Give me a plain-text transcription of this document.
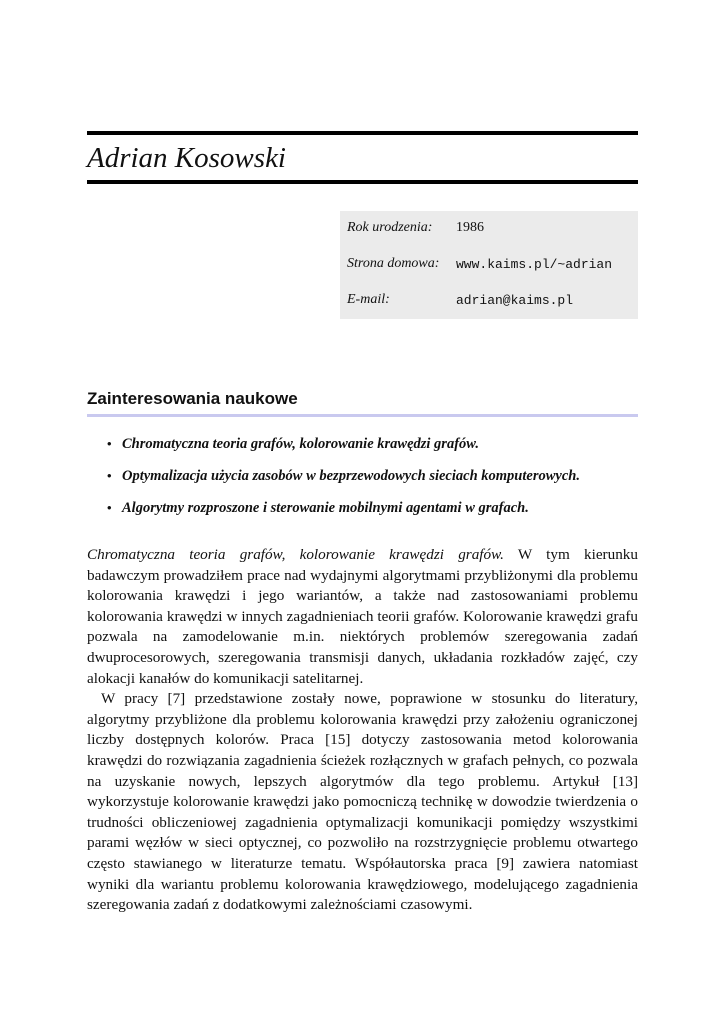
Adrian Kosowski
Rok urodzenia:	1986
Strona domowa:	www.kaims.pl/~adrian
E-mail:	adrian@kaims.pl
Zainteresowania naukowe
• Chromatyczna teoria grafów, kolorowanie krawędzi grafów.
• Optymalizacja użycia zasobów w bezprzewodowych sieciach komputerowych.
• Algorytmy rozproszone i sterowanie mobilnymi agentami w grafach.

Chromatyczna teoria grafów, kolorowanie krawędzi grafów. W tym kierunku badawczym prowadziłem prace nad wydajnymi algorytmami przybliżonymi dla problemu kolorowania krawędzi i jego wariantów, a także nad zastosowaniami problemu kolorowania krawędzi w innych zagadnieniach teorii grafów. Kolorowanie krawędzi grafu pozwala na zamodelowanie m.in. niektórych problemów szeregowania zadań dwuprocesorowych, szeregowania transmisji danych, układania rozkładów zajęć, czy alokacji kanałów do komunikacji satelitarnej.

W pracy [7] przedstawione zostały nowe, poprawione w stosunku do literatury, algorytmy przybliżone dla problemu kolorowania krawędzi przy założeniu ograniczonej liczby dostępnych kolorów. Praca [15] dotyczy zastosowania metod kolorowania krawędzi do rozwiązania zagadnienia ścieżek rozłącznych w grafach pełnych, co pozwala na uzyskanie nowych, lepszych algorytmów dla tego problemu. Artykuł [13] wykorzystuje kolorowanie krawędzi jako pomocniczą technikę w dowodzie twierdzenia o trudności obliczeniowej zagadnienia optymalizacji komunikacji pomiędzy wszystkimi parami węzłów w sieci optycznej, co pozwoliło na rozstrzygnięcie problemu otwartego często stawianego w literaturze tematu. Współautorska praca [9] zawiera natomiast wyniki dla wariantu problemu kolorowania krawędziowego, modelującego zagadnienia szeregowania zadań z dodatkowymi zależnościami czasowymi.
